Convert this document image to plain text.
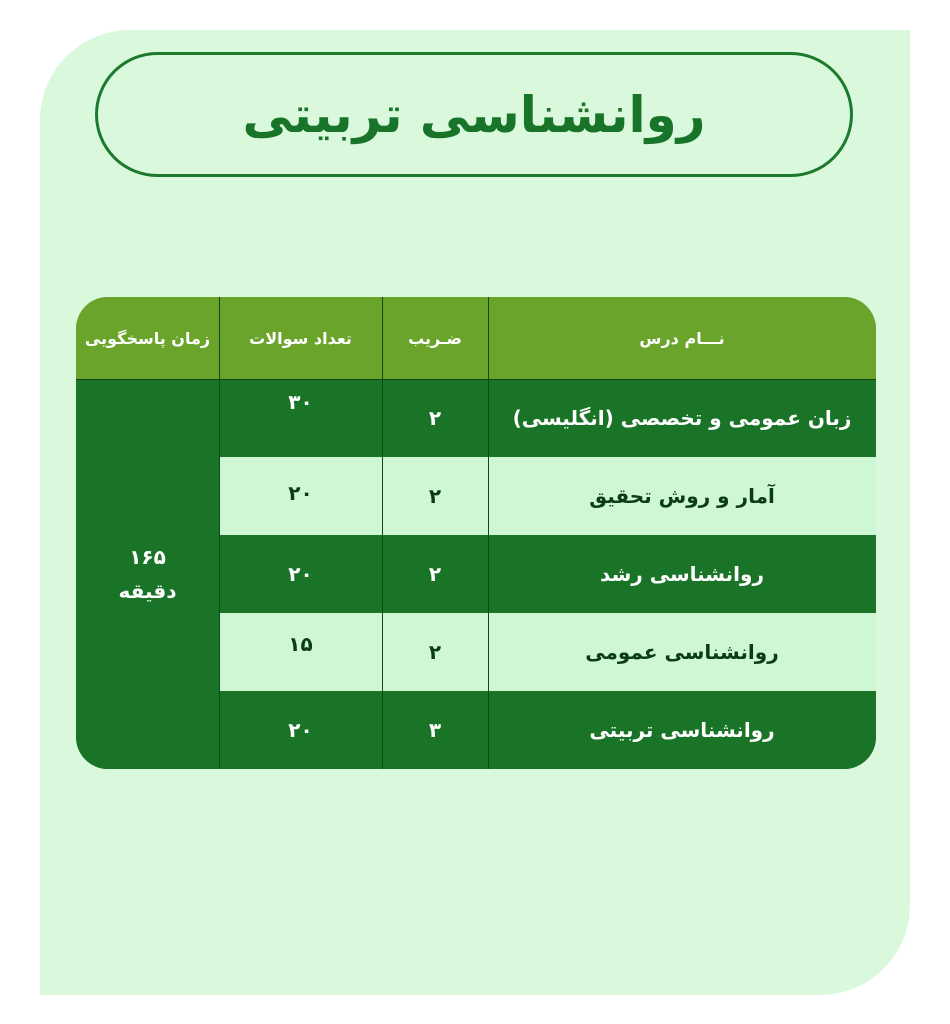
روانشناسی تربیتی
نـــام درس
ضـریب
تعداد سوالات
زمان پاسخگویی
زبان عمومی و تخصصی (انگلیسی)
۲
۳۰
آمار و روش تحقیق
۲
۲۰
روانشناسی رشد
۲
۲۰
روانشناسی عمومی
۲
۱۵
روانشناسی تربیتی
۳
۲۰
۱۶۵
دقیقه
